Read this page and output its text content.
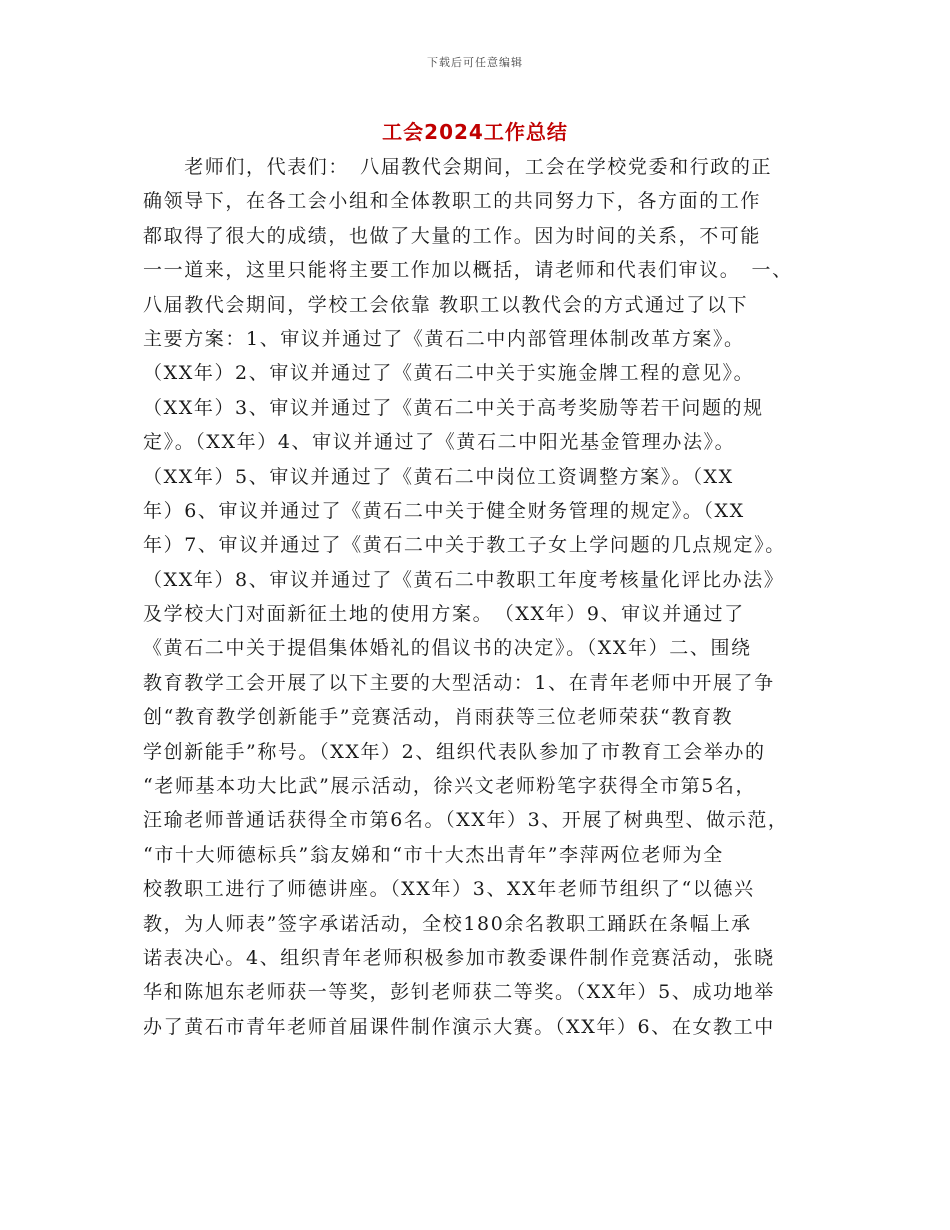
下载后可任意编辑
工会2024工作总结
　　老师们，代表们：　八届教代会期间，工会在学校党委和行政的正
确领导下，在各工会小组和全体教职工的共同努力下，各方面的工作
都取得了很大的成绩，也做了大量的工作。因为时间的关系，不可能
一一道来，这里只能将主要工作加以概括，请老师和代表们审议。　一、
八届教代会期间，学校工会依靠 教职工以教代会的方式通过了以下
主要方案：1、审议并通过了《黄石二中内部管理体制改革方案》。
（XX年）2、审议并通过了《黄石二中关于实施金牌工程的意见》。
（XX年）3、审议并通过了《黄石二中关于高考奖励等若干问题的规
定》。（XX年）4、审议并通过了《黄石二中阳光基金管理办法》。
（XX年）5、审议并通过了《黄石二中岗位工资调整方案》。（XX
年）6、审议并通过了《黄石二中关于健全财务管理的规定》。（XX
年）7、审议并通过了《黄石二中关于教工子女上学问题的几点规定》。
（XX年）8、审议并通过了《黄石二中教职工年度考核量化评比办法》
及学校大门对面新征土地的使用方案。　（XX年）9、审议并通过了
《黄石二中关于提倡集体婚礼的倡议书的决定》。（XX年）二、围绕
教育教学工会开展了以下主要的大型活动：1、在青年老师中开展了争
创“教育教学创新能手”竞赛活动，肖雨获等三位老师荣获“教育教
学创新能手”称号。（XX年）2、组织代表队参加了市教育工会举办的
“老师基本功大比武”展示活动，徐兴文老师粉笔字获得全市第5名，
汪瑜老师普通话获得全市第6名。（XX年）3、开展了树典型、做示范，
“市十大师德标兵”翁友娣和“市十大杰出青年”李萍两位老师为全
校教职工进行了师德讲座。（XX年）3、XX年老师节组织了“以德兴
教，为人师表”签字承诺活动，全校180余名教职工踊跃在条幅上承
诺表决心。4、组织青年老师积极参加市教委课件制作竞赛活动，张晓
华和陈旭东老师获一等奖，彭钊老师获二等奖。（XX年）5、成功地举
办了黄石市青年老师首届课件制作演示大赛。（XX年）6、在女教工中
